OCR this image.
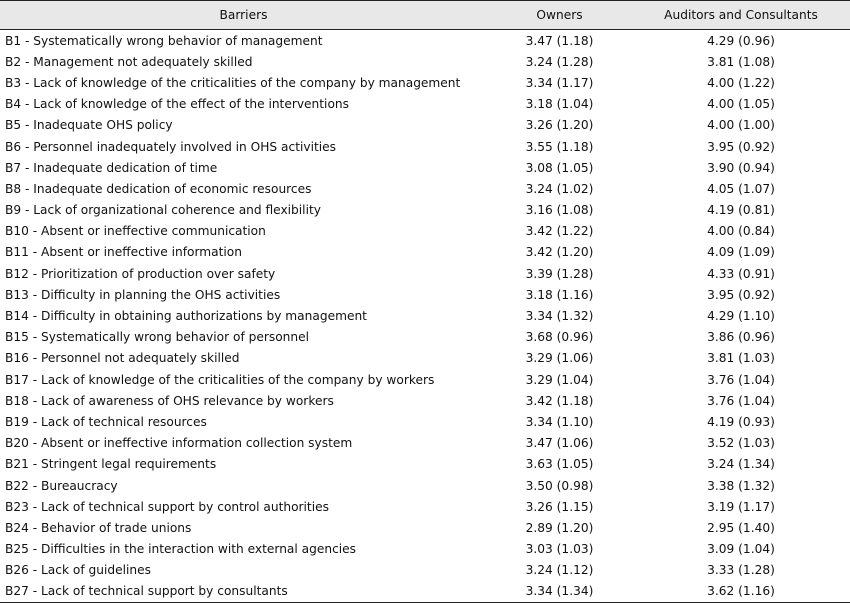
Barriers	Owners	Auditors and Consultants
B1 - Systematically wrong behavior of management	3.47 (1.18)	4.29 (0.96)
B2 - Management not adequately skilled	3.24 (1.28)	3.81 (1.08)
B3 - Lack of knowledge of the criticalities of the company by management	3.34 (1.17)	4.00 (1.22)
B4 - Lack of knowledge of the effect of the interventions	3.18 (1.04)	4.00 (1.05)
B5 - Inadequate OHS policy	3.26 (1.20)	4.00 (1.00)
B6 - Personnel inadequately involved in OHS activities	3.55 (1.18)	3.95 (0.92)
B7 - Inadequate dedication of time	3.08 (1.05)	3.90 (0.94)
B8 - Inadequate dedication of economic resources	3.24 (1.02)	4.05 (1.07)
B9 - Lack of organizational coherence and flexibility	3.16 (1.08)	4.19 (0.81)
B10 - Absent or ineffective communication	3.42 (1.22)	4.00 (0.84)
B11 - Absent or ineffective information	3.42 (1.20)	4.09 (1.09)
B12 - Prioritization of production over safety	3.39 (1.28)	4.33 (0.91)
B13 - Difficulty in planning the OHS activities	3.18 (1.16)	3.95 (0.92)
B14 - Difficulty in obtaining authorizations by management	3.34 (1.32)	4.29 (1.10)
B15 - Systematically wrong behavior of personnel	3.68 (0.96)	3.86 (0.96)
B16 - Personnel not adequately skilled	3.29 (1.06)	3.81 (1.03)
B17 - Lack of knowledge of the criticalities of the company by workers	3.29 (1.04)	3.76 (1.04)
B18 - Lack of awareness of OHS relevance by workers	3.42 (1.18)	3.76 (1.04)
B19 - Lack of technical resources	3.34 (1.10)	4.19 (0.93)
B20 - Absent or ineffective information collection system	3.47 (1.06)	3.52 (1.03)
B21 - Stringent legal requirements	3.63 (1.05)	3.24 (1.34)
B22 - Bureaucracy	3.50 (0.98)	3.38 (1.32)
B23 - Lack of technical support by control authorities	3.26 (1.15)	3.19 (1.17)
B24 - Behavior of trade unions	2.89 (1.20)	2.95 (1.40)
B25 - Difficulties in the interaction with external agencies	3.03 (1.03)	3.09 (1.04)
B26 - Lack of guidelines	3.24 (1.12)	3.33 (1.28)
B27 - Lack of technical support by consultants	3.34 (1.34)	3.62 (1.16)
